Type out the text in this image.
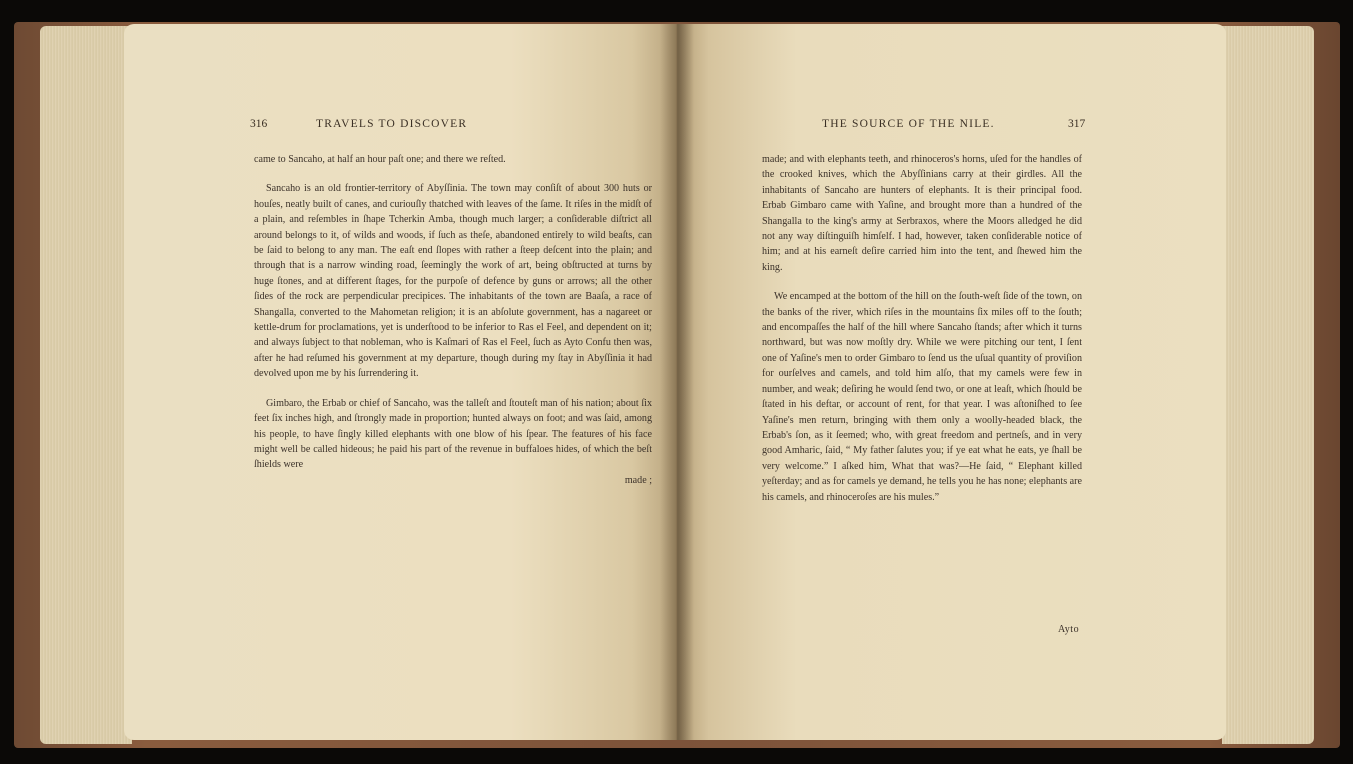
316	TRAVELS TO DISCOVER

came to Sancaho, at half an hour paſt one; and there we reſted.

Sancaho is an old frontier-territory of Abyſſinia. The town may conſiſt of about 300 huts or houſes, neatly built of canes, and curiouſly thatched with leaves of the ſame. It riſes in the midſt of a plain, and reſembles in ſhape Tcherkin Amba, though much larger; a conſiderable diſtrict all around belongs to it, of wilds and woods, if ſuch as theſe, abandoned entirely to wild beaſts, can be ſaid to belong to any man. The eaſt end ſlopes with rather a ſteep deſcent into the plain; and through that is a narrow winding road, ſeemingly the work of art, being obſtructed at turns by huge ſtones, and at different ſtages, for the purpoſe of defence by guns or arrows; all the other ſides of the rock are perpendicular precipices. The inhabitants of the town are Baaſa, a race of Shangalla, converted to the Mahometan religion; it is an abſolute government, has a nagareet or kettle-drum for proclamations, yet is underſtood to be inferior to Ras el Feel, and dependent on it; and always ſubject to that nobleman, who is Kaſmari of Ras el Feel, ſuch as Ayto Confu then was, after he had reſumed his government at my departure, though during my ſtay in Abyſſinia it had devolved upon me by his ſurrendering it.

Gimbaro, the Erbab or chief of Sancaho, was the talleſt and ſtouteſt man of his nation; about ſix feet ſix inches high, and ſtrongly made in proportion; hunted always on foot; and was ſaid, among his people, to have ſingly killed elephants with one blow of his ſpear. The features of his face might well be called hideous; he paid his part of the revenue in buffaloes hides, of which the beſt ſhields were

made ;
THE SOURCE OF THE NILE.	317

made; and with elephants teeth, and rhinoceros's horns, uſed for the handles of the crooked knives, which the Abyſſinians carry at their girdles. All the inhabitants of Sancaho are hunters of elephants. It is their principal food. Erbab Gimbaro came with Yaſine, and brought more than a hundred of the Shangalla to the king's army at Serbraxos, where the Moors alledged he did not any way diſtinguiſh himſelf. I had, however, taken conſiderable notice of him; and at his earneſt deſire carried him into the tent, and ſhewed him the king.

We encamped at the bottom of the hill on the ſouth-weſt ſide of the town, on the banks of the river, which riſes in the mountains ſix miles off to the ſouth; and encompaſſes the half of the hill where Sancaho ſtands; after which it turns northward, but was now moſtly dry. While we were pitching our tent, I ſent one of Yaſine's men to order Gimbaro to ſend us the uſual quantity of proviſion for ourſelves and camels, and told him alſo, that my camels were few in number, and weak; deſiring he would ſend two, or one at leaſt, which ſhould be ſtated in his deftar, or account of rent, for that year. I was aſtoniſhed to ſee Yaſine's men return, bringing with them only a woolly-headed black, the Erbab's ſon, as it ſeemed; who, with great freedom and pertneſs, and in very good Amharic, ſaid, “ My father ſalutes you; if ye eat what he eats, ye ſhall be very welcome.” I aſked him, What that was?—He ſaid, “ Elephant killed yeſterday; and as for camels ye demand, he tells you he has none; elephants are his camels, and rhinoceroſes are his mules.”

Ayto
